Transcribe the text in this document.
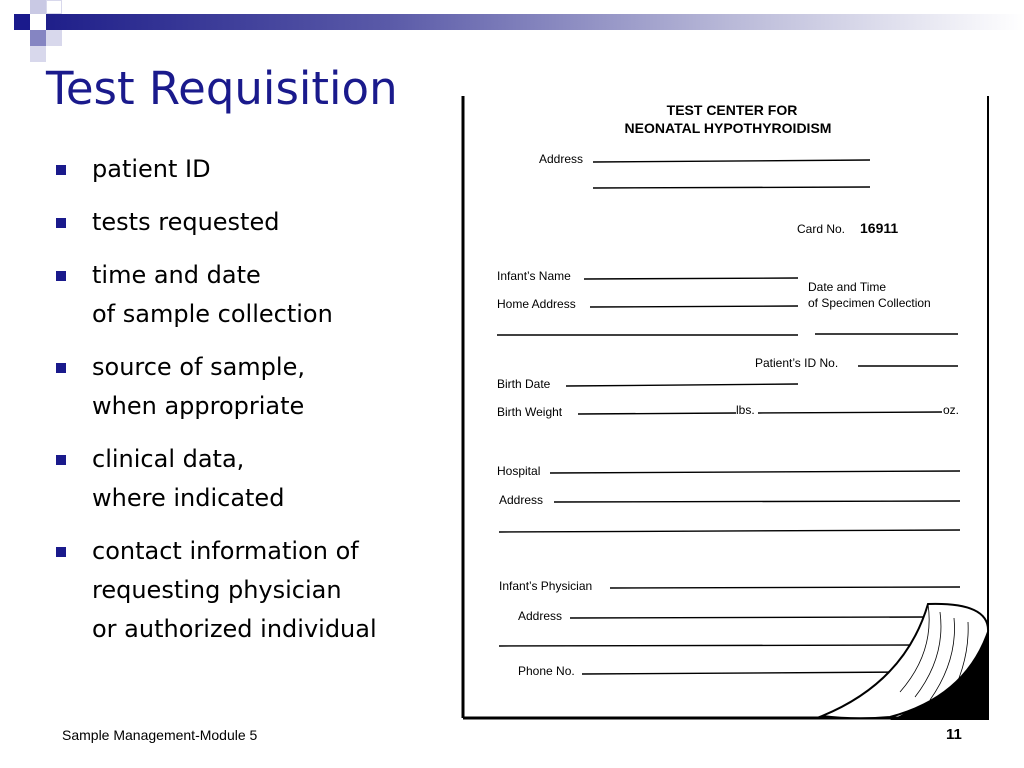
Test Requisition
patient ID
tests requested
time and date
of sample collection
source of sample,
when appropriate
clinical data,
where indicated
contact information of
requesting physician
or authorized individual
TEST CENTER FOR
NEONATAL HYPOTHYROIDISM
Address
Card No. 16911
Infant’s Name
Home Address
Date and Time
of Specimen Collection
Patient’s ID No.
Birth Date
Birth Weight	lbs.	oz.
Hospital
Address
Infant’s Physician
Address
Phone No.
Sample Management-Module 5	11
